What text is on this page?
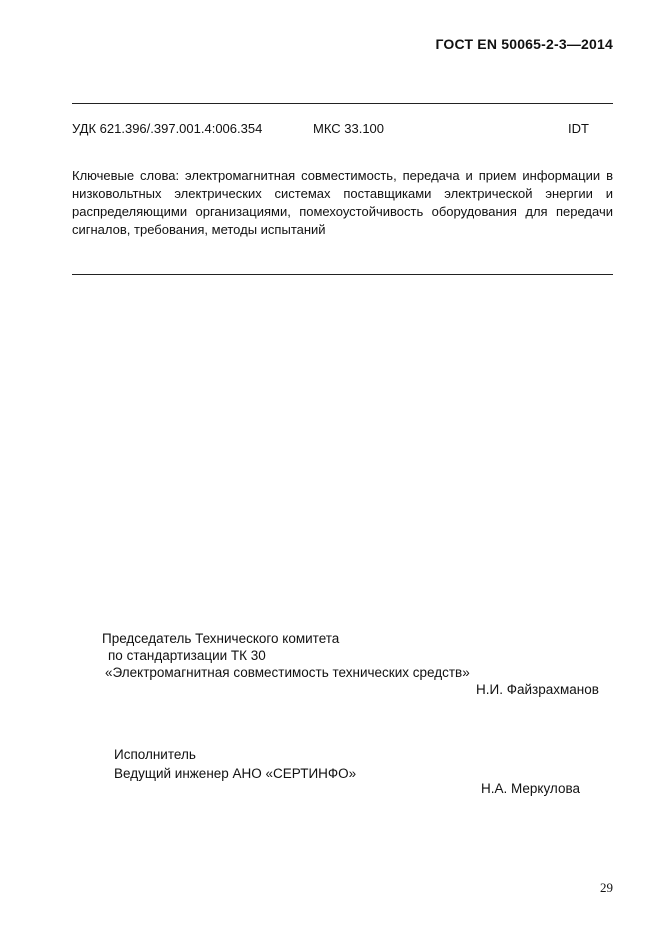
ГОСТ EN 50065-2-3—2014
УДК 621.396/.397.001.4:006.354	МКС 33.100	IDT

Ключевые слова: электромагнитная совместимость, передача и прием информации в низковольтных электрических системах поставщиками электрической энергии и распределяющими организациями, помехоустойчивость оборудования для передачи сигналов, требования, методы испытаний

Председатель Технического комитета
по стандартизации ТК 30
«Электромагнитная совместимость технических средств»
Н.И. Файзрахманов
Исполнитель
Ведущий инженер АНО «СЕРТИНФО»
Н.А. Меркулова
29
